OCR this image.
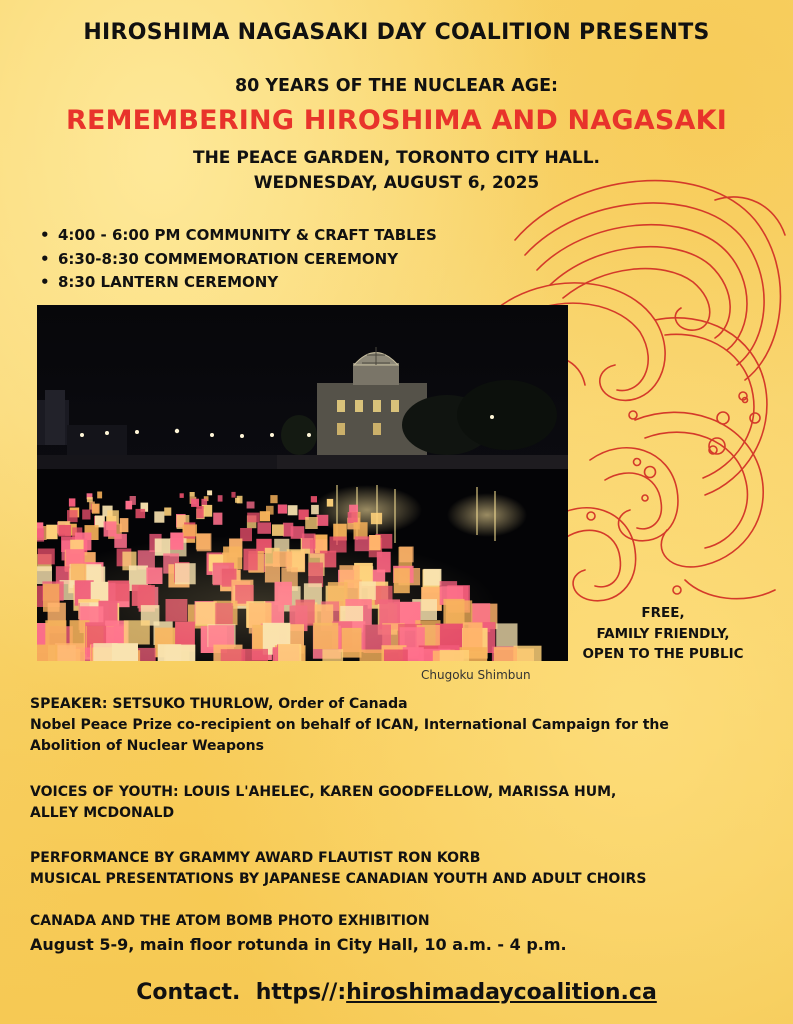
HIROSHIMA NAGASAKI DAY COALITION PRESENTS
80 YEARS OF THE NUCLEAR AGE:
REMEMBERING HIROSHIMA AND NAGASAKI
THE PEACE GARDEN, TORONTO CITY HALL.
WEDNESDAY, AUGUST 6, 2025
• 4:00 - 6:00 PM COMMUNITY & CRAFT TABLES
• 6:30-8:30 COMMEMORATION CEREMONY
• 8:30 LANTERN CEREMONY
Chugoku Shimbun
FREE,
FAMILY FRIENDLY,
OPEN TO THE PUBLIC
SPEAKER: SETSUKO THURLOW, Order of Canada
Nobel Peace Prize co-recipient on behalf of ICAN, International Campaign for the
Abolition of Nuclear Weapons
VOICES OF YOUTH: LOUIS L'AHELEC, KAREN GOODFELLOW, MARISSA HUM,
ALLEY MCDONALD
PERFORMANCE BY GRAMMY AWARD FLAUTIST RON KORB
MUSICAL PRESENTATIONS BY JAPANESE CANADIAN YOUTH AND ADULT CHOIRS
CANADA AND THE ATOM BOMB PHOTO EXHIBITION
August 5-9, main floor rotunda in City Hall, 10 a.m. - 4 p.m.
Contact. https//:hiroshimadaycoalition.ca
